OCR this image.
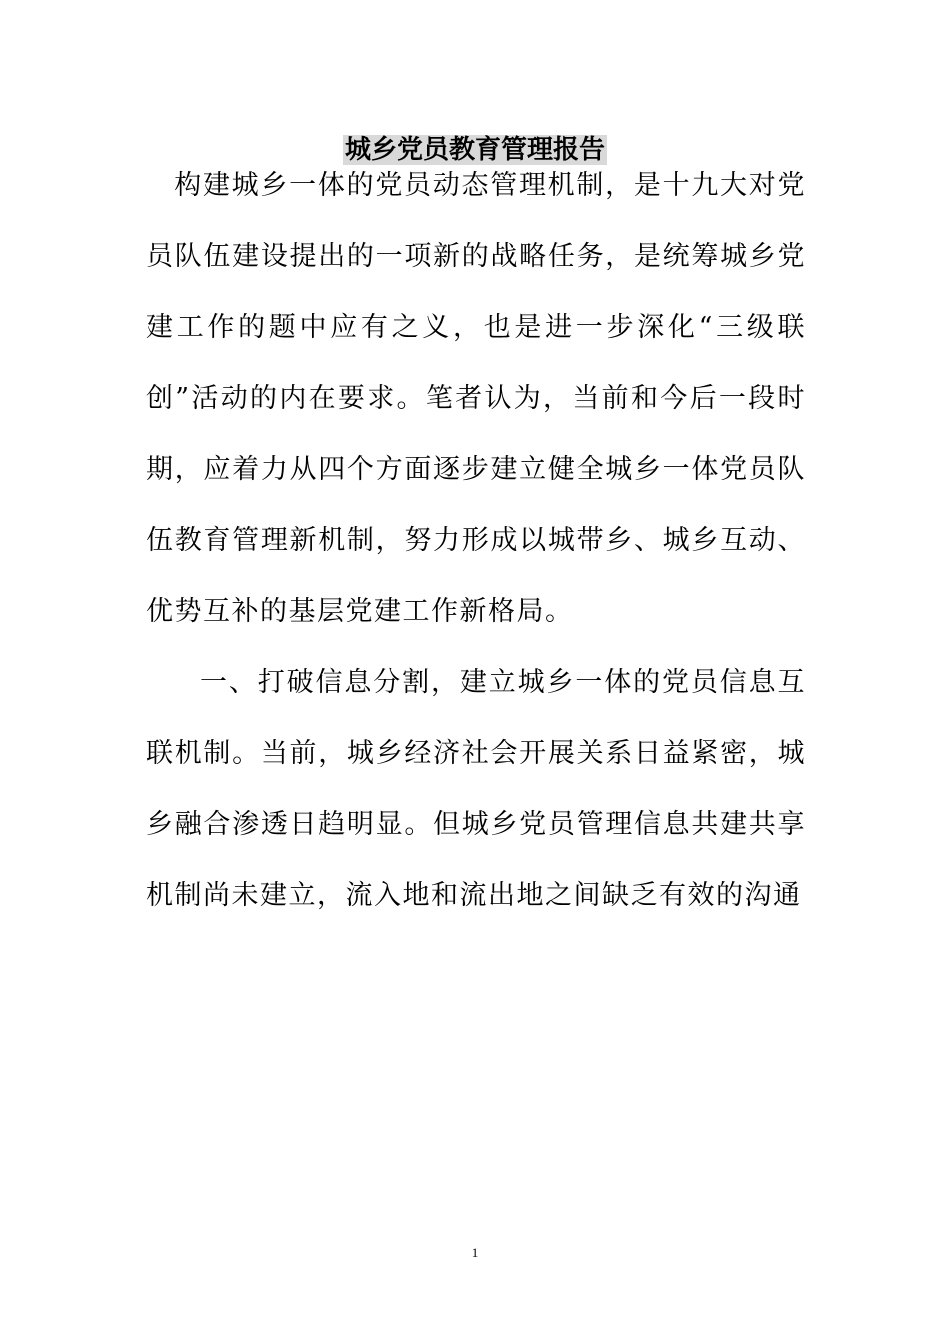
城乡党员教育管理报告

构建城乡一体的党员动态管理机制，是十九大对党员队伍建设提出的一项新的战略任务，是统筹城乡党建工作的题中应有之义，也是进一步深化“三级联创”活动的内在要求。笔者认为，当前和今后一段时期，应着力从四个方面逐步建立健全城乡一体党员队伍教育管理新机制，努力形成以城带乡、城乡互动、优势互补的基层党建工作新格局。

一、打破信息分割，建立城乡一体的党员信息互联机制。当前，城乡经济社会开展关系日益紧密，城乡融合渗透日趋明显。但城乡党员管理信息共建共享机制尚未建立，流入地和流出地之间缺乏有效的沟通

1
